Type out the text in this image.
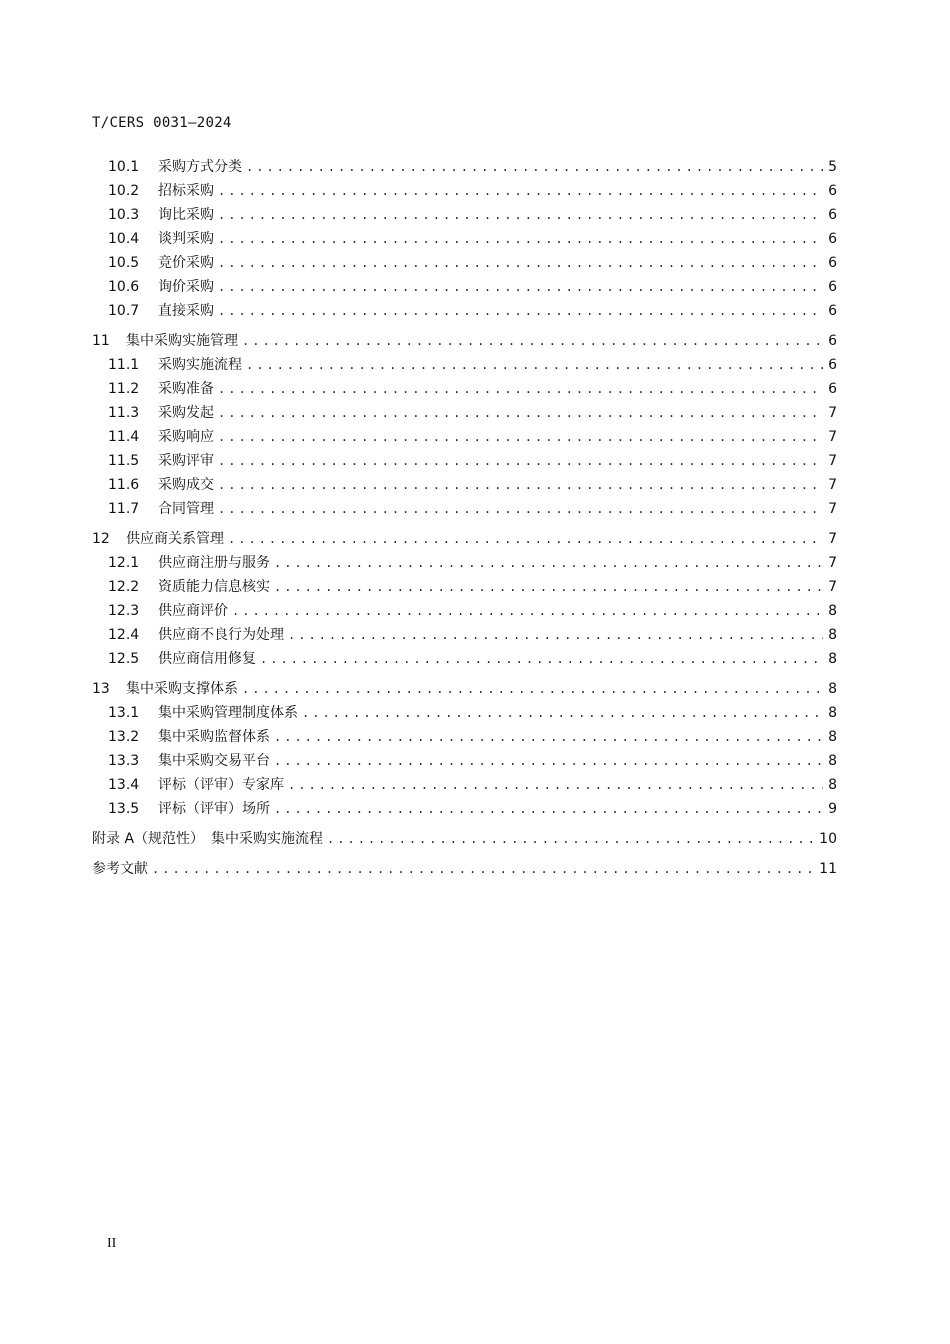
T/CERS 0031—2024
10.1	采购方式分类 .....	5
10.2	招标采购 .....	6
10.3	询比采购 .....	6
10.4	谈判采购 .....	6
10.5	竞价采购 .....	6
10.6	询价采购 .....	6
10.7	直接采购 .....	6
11	集中采购实施管理 .....	6
11.1	采购实施流程 .....	6
11.2	采购准备 .....	6
11.3	采购发起 .....	7
11.4	采购响应 .....	7
11.5	采购评审 .....	7
11.6	采购成交 .....	7
11.7	合同管理 .....	7
12	供应商关系管理 .....	7
12.1	供应商注册与服务 .....	7
12.2	资质能力信息核实 .....	7
12.3	供应商评价 .....	8
12.4	供应商不良行为处理 .....	8
12.5	供应商信用修复 .....	8
13	集中采购支撑体系 .....	8
13.1	集中采购管理制度体系 .....	8
13.2	集中采购监督体系 .....	8
13.3	集中采购交易平台 .....	8
13.4	评标（评审）专家库 .....	8
13.5	评标（评审）场所 .....	9
附录 A（规范性）　集中采购实施流程 .....	10
参考文献 .....	11
II
